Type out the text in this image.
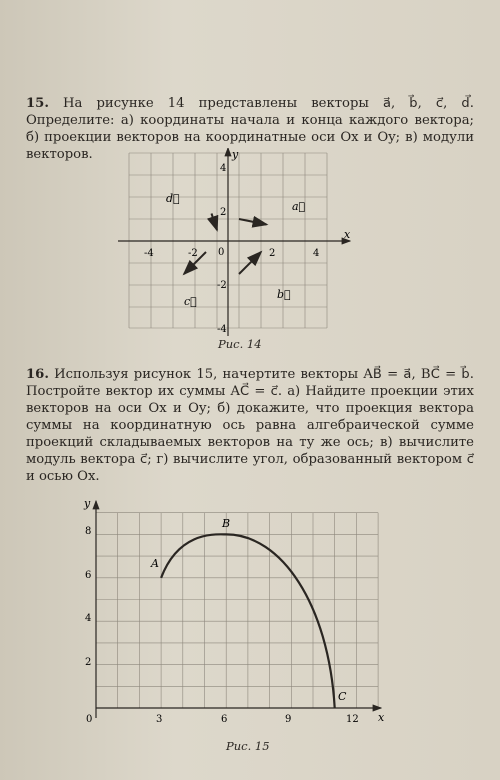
15. На рисунке 14 представлены векторы a⃗, b⃗, c⃗, d⃗. Определите: а) координаты начала и конца каждого вектора; б) проекции векторов на координатные оси Ox и Oy; в) модули векторов.
x
y
0
-4	-2	2	4
4
2
-2
-4
a⃗
b⃗
c⃗
d⃗
Рис. 14
16. Используя рисунок 15, начертите векторы AB⃗ = a⃗, BC⃗ = b⃗. Постройте вектор их суммы AC⃗ = c⃗. а) Найдите проекции этих векторов на оси Ox и Oy; б) докажите, что проекция вектора суммы на координатную ось равна алгебраической сумме проекций складываемых векторов на ту же ось; в) вычислите модуль вектора c⃗; г) вычислите угол, образованный вектором c⃗ и осью Ox.
x
y
0	3	6	9	12
8
6
4
2
A
B
C
Рис. 15
